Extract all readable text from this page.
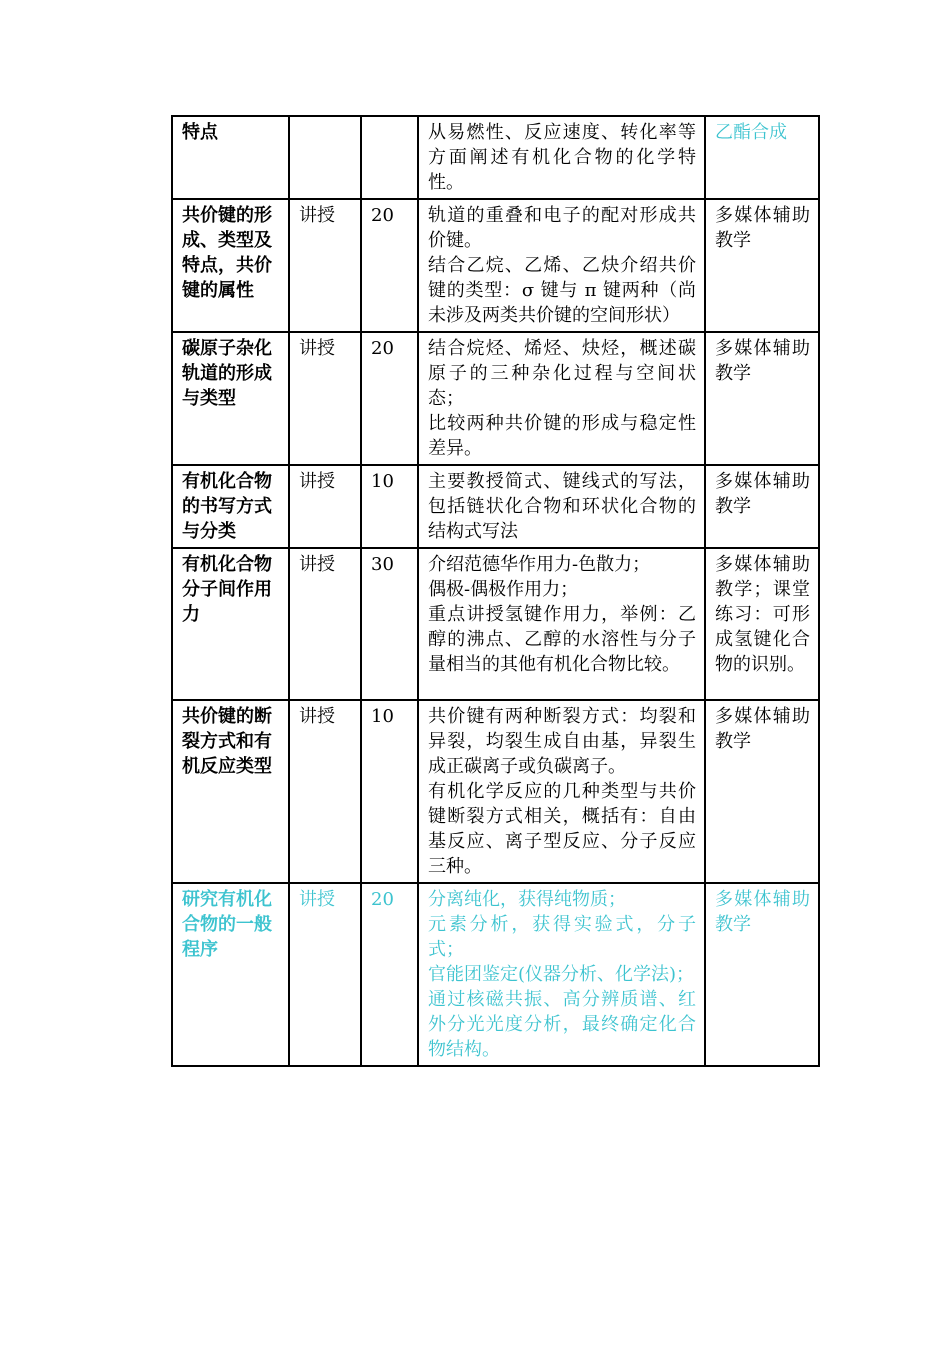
特点			从易燃性、反应速度、转化率等方面阐述有机化合物的化学特性。	乙酯合成
共价键的形成、类型及特点，共价键的属性	讲授	20	轨道的重叠和电子的配对形成共价键。
结合乙烷、乙烯、乙炔介绍共价键的类型：σ 键与 π 键两种（尚未涉及两类共价键的空间形状）	多媒体辅助教学
碳原子杂化轨道的形成与类型	讲授	20	结合烷烃、烯烃、炔烃，概述碳原子的三种杂化过程与空间状态；
比较两种共价键的形成与稳定性差异。	多媒体辅助教学
有机化合物的书写方式与分类	讲授	10	主要教授简式、键线式的写法，包括链状化合物和环状化合物的结构式写法	多媒体辅助教学
有机化合物分子间作用力	讲授	30	介绍范德华作用力-色散力；
偶极-偶极作用力；
重点讲授氢键作用力，举例：乙醇的沸点、乙醇的水溶性与分子量相当的其他有机化合物比较。	多媒体辅助教学；课堂练习：可形成氢键化合物的识别。
共价键的断裂方式和有机反应类型	讲授	10	共价键有两种断裂方式：均裂和异裂，均裂生成自由基，异裂生成正碳离子或负碳离子。
有机化学反应的几种类型与共价键断裂方式相关，概括有：自由基反应、离子型反应、分子反应三种。	多媒体辅助教学
研究有机化合物的一般程序	讲授	20	分离纯化，获得纯物质；
元素分析，获得实验式，分子式；
官能团鉴定(仪器分析、化学法)；
通过核磁共振、高分辨质谱、红外分光光度分析，最终确定化合物结构。	多媒体辅助教学
